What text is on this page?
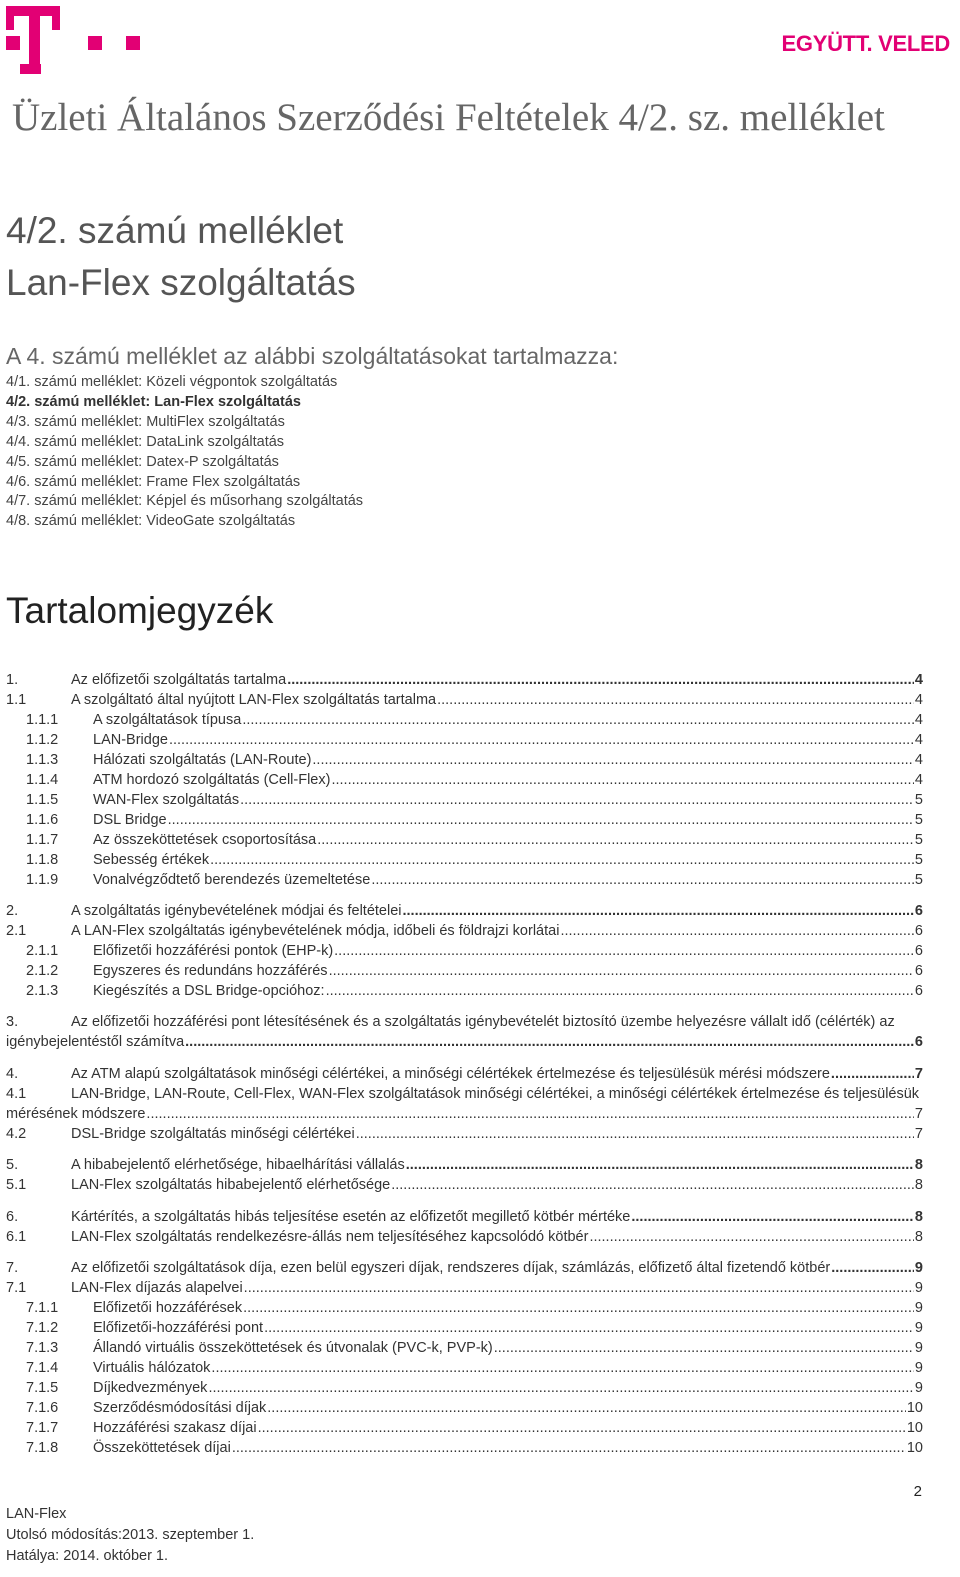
EGYÜTT. VELED
Üzleti Általános Szerződési Feltételek 4/2. sz. melléklet
4/2. számú melléklet
Lan-Flex szolgáltatás
A 4. számú melléklet az alábbi szolgáltatásokat tartalmazza:
4/1. számú melléklet: Közeli végpontok szolgáltatás
4/2. számú melléklet: Lan-Flex szolgáltatás
4/3. számú melléklet: MultiFlex szolgáltatás
4/4. számú melléklet: DataLink szolgáltatás
4/5. számú melléklet: Datex-P szolgáltatás
4/6. számú melléklet: Frame Flex szolgáltatás
4/7. számú melléklet: Képjel és műsorhang szolgáltatás
4/8. számú melléklet: VideoGate szolgáltatás
Tartalomjegyzék
1.	Az előfizetői szolgáltatás tartalma .....	4
1.1	A szolgáltató által nyújtott LAN-Flex szolgáltatás tartalma .....	4
1.1.1	A szolgáltatások típusa .....	4
1.1.2	LAN-Bridge .....	4
1.1.3	Hálózati szolgáltatás (LAN-Route) .....	4
1.1.4	ATM hordozó szolgáltatás (Cell-Flex) .....	4
1.1.5	WAN-Flex szolgáltatás .....	5
1.1.6	DSL Bridge .....	5
1.1.7	Az összeköttetések csoportosítása .....	5
1.1.8	Sebesség értékek .....	5
1.1.9	Vonalvégződtető berendezés üzemeltetése .....	5
2.	A szolgáltatás igénybevételének módjai és feltételei .....	6
2.1	A LAN-Flex szolgáltatás igénybevételének módja, időbeli és földrajzi korlátai .....	6
2.1.1	Előfizetői hozzáférési pontok (EHP-k) .....	6
2.1.2	Egyszeres és redundáns hozzáférés .....	6
2.1.3	Kiegészítés a DSL Bridge-opcióhoz: .....	6
3.	Az előfizetői hozzáférési pont létesítésének és a szolgáltatás igénybevételét biztosító üzembe helyezésre vállalt idő (célérték) az
igénybejelentéstől számítva .....	6
4.	Az ATM alapú szolgáltatások minőségi célértékei, a minőségi célértékek értelmezése és teljesülésük mérési módszere .....	7
4.1	LAN-Bridge, LAN-Route, Cell-Flex, WAN-Flex szolgáltatások minőségi célértékei, a minőségi célértékek értelmezése és teljesülésük
mérésének módszere .....	7
4.2	DSL-Bridge szolgáltatás minőségi célértékei .....	7
5.	A hibabejelentő elérhetősége, hibaelhárítási vállalás .....	8
5.1	LAN-Flex szolgáltatás hibabejelentő elérhetősége .....	8
6.	Kártérítés, a szolgáltatás hibás teljesítése esetén az előfizetőt megillető kötbér mértéke .....	8
6.1	LAN-Flex szolgáltatás rendelkezésre-állás nem teljesítéséhez kapcsolódó kötbér .....	8
7.	Az előfizetői szolgáltatások díja, ezen belül egyszeri díjak, rendszeres díjak, számlázás, előfizető által fizetendő kötbér .....	9
7.1	LAN-Flex díjazás alapelvei .....	9
7.1.1	Előfizetői hozzáférések .....	9
7.1.2	Előfizetői-hozzáférési pont .....	9
7.1.3	Állandó virtuális összeköttetések és útvonalak (PVC-k, PVP-k) .....	9
7.1.4	Virtuális hálózatok .....	9
7.1.5	Díjkedvezmények .....	9
7.1.6	Szerződésmódosítási díjak .....	10
7.1.7	Hozzáférési szakasz díjai .....	10
7.1.8	Összeköttetések díjai .....	10
2
LAN-Flex
Utolsó módosítás:2013. szeptember 1.
Hatálya: 2014. október 1.
